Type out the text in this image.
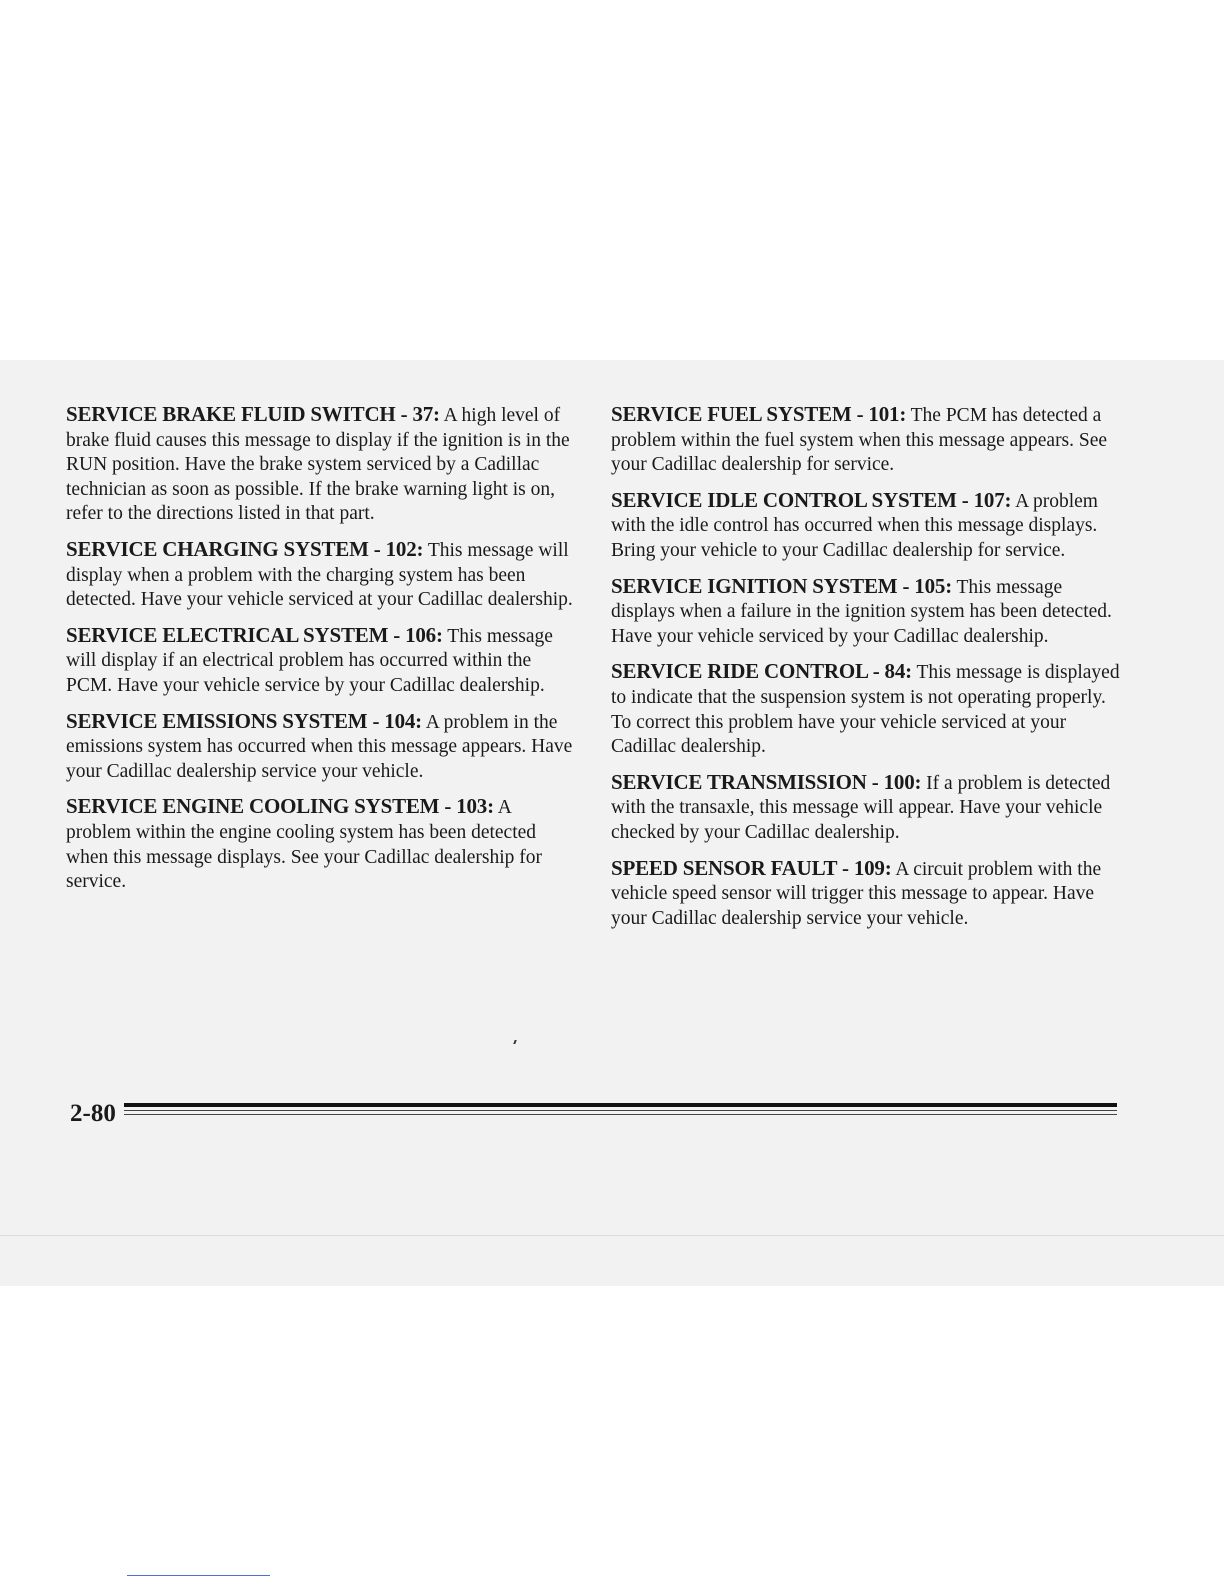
SERVICE BRAKE FLUID SWITCH - 37: A high level of brake fluid causes this message to display if the ignition is in the RUN position. Have the brake system serviced by a Cadillac technician as soon as possible. If the brake warning light is on, refer to the directions listed in that part.

SERVICE CHARGING SYSTEM - 102: This message will display when a problem with the charging system has been detected. Have your vehicle serviced at your Cadillac dealership.

SERVICE ELECTRICAL SYSTEM - 106: This message will display if an electrical problem has occurred within the PCM. Have your vehicle service by your Cadillac dealership.

SERVICE EMISSIONS SYSTEM - 104: A problem in the emissions system has occurred when this message appears. Have your Cadillac dealership service your vehicle.

SERVICE ENGINE COOLING SYSTEM - 103: A problem within the engine cooling system has been detected when this message displays. See your Cadillac dealership for service.

SERVICE FUEL SYSTEM - 101: The PCM has detected a problem within the fuel system when this message appears. See your Cadillac dealership for service.

SERVICE IDLE CONTROL SYSTEM - 107: A problem with the idle control has occurred when this message displays. Bring your vehicle to your Cadillac dealership for service.

SERVICE IGNITION SYSTEM - 105: This message displays when a failure in the ignition system has been detected. Have your vehicle serviced by your Cadillac dealership.

SERVICE RIDE CONTROL - 84: This message is displayed to indicate that the suspension system is not operating properly. To correct this problem have your vehicle serviced at your Cadillac dealership.

SERVICE TRANSMISSION - 100: If a problem is detected with the transaxle, this message will appear. Have your vehicle checked by your Cadillac dealership.

SPEED SENSOR FAULT - 109: A circuit problem with the vehicle speed sensor will trigger this message to appear. Have your Cadillac dealership service your vehicle.

2-80
